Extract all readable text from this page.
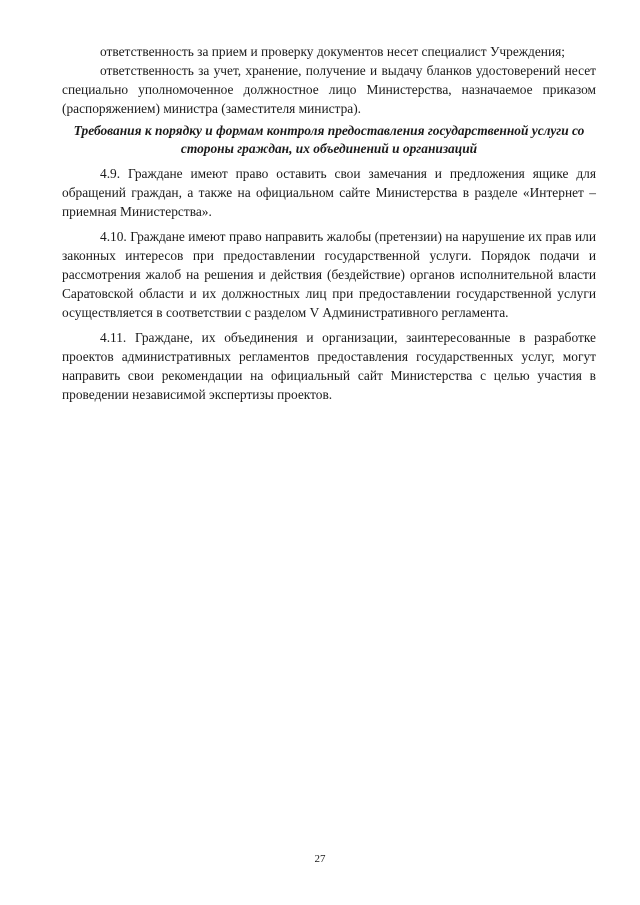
ответственность за прием и проверку документов несет специалист Учреждения;

ответственность за учет, хранение, получение и выдачу бланков удостоверений несет специально уполномоченное должностное лицо Министерства, назначаемое приказом (распоряжением) министра (заместителя министра).

Требования к порядку и формам контроля предоставления государственной услуги со стороны граждан, их объединений и организаций

4.9. Граждане имеют право оставить свои замечания и предложения ящике для обращений граждан, а также на официальном сайте Министерства в разделе «Интернет – приемная Министерства».

4.10. Граждане имеют право направить жалобы (претензии) на нарушение их прав или законных интересов при предоставлении государственной услуги. Порядок подачи и рассмотрения жалоб на решения и действия (бездействие) органов исполнительной власти Саратовской области и их должностных лиц при предоставлении государственной услуги осуществляется в соответствии с разделом V Административного регламента.

4.11. Граждане, их объединения и организации, заинтересованные в разработке проектов административных регламентов предоставления государственных услуг, могут направить свои рекомендации на официальный сайт Министерства с целью участия в проведении независимой экспертизы проектов.

27
